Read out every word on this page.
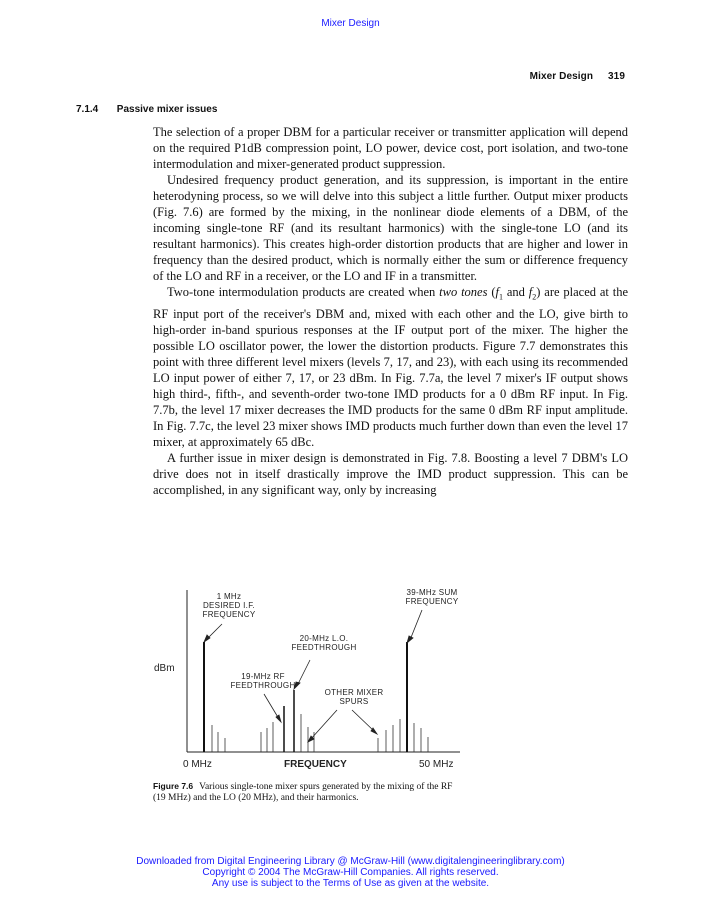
Mixer Design
Mixer Design 319
7.1.4 Passive mixer issues

The selection of a proper DBM for a particular receiver or transmitter application will depend on the required P1dB compression point, LO power, device cost, port isolation, and two-tone intermodulation and mixer-generated product suppression.

Undesired frequency product generation, and its suppression, is important in the entire heterodyning process, so we will delve into this subject a little further. Output mixer products (Fig. 7.6) are formed by the mixing, in the nonlinear diode elements of a DBM, of the incoming single-tone RF (and its resultant harmonics) with the single-tone LO (and its resultant harmonics). This creates high-order distortion products that are higher and lower in frequency than the desired product, which is normally either the sum or difference frequency of the LO and RF in a receiver, or the LO and IF in a transmitter.

Two-tone intermodulation products are created when two tones ($f_1$ and $f_2$) are placed at the RF input port of the receiver's DBM and, mixed with each other and the LO, give birth to high-order in-band spurious responses at the IF output port of the mixer. The higher the possible LO oscillator power, the lower the distortion products. Figure 7.7 demonstrates this point with three different level mixers (levels 7, 17, and 23), with each using its recommended LO input power of either 7, 17, or 23 dBm. In Fig. 7.7a, the level 7 mixer's IF output shows high third-, fifth-, and seventh-order two-tone IMD products for a 0 dBm RF input. In Fig. 7.7b, the level 17 mixer decreases the IMD products for the same 0 dBm RF input amplitude. In Fig. 7.7c, the level 23 mixer shows IMD products much further down than even the level 17 mixer, at approximately 65 dBc.

A further issue in mixer design is demonstrated in Fig. 7.8. Boosting a level 7 DBM's LO drive does not in itself drastically improve the IMD product suppression. This can be accomplished, in any significant way, only by increasing

1 MHz
DESIRED I.F.
FREQUENCY
39-MHz SUM
FREQUENCY
20-MHz L.O.
FEEDTHROUGH
19-MHz RF
FEEDTHROUGH
OTHER MIXER
SPURS
dBm
0 MHz	FREQUENCY	50 MHz
Figure 7.6 Various single-tone mixer spurs generated by the mixing of the RF (19 MHz) and the LO (20 MHz), and their harmonics.
Downloaded from Digital Engineering Library @ McGraw-Hill (www.digitalengineeringlibrary.com)
Copyright © 2004 The McGraw-Hill Companies. All rights reserved.
Any use is subject to the Terms of Use as given at the website.
